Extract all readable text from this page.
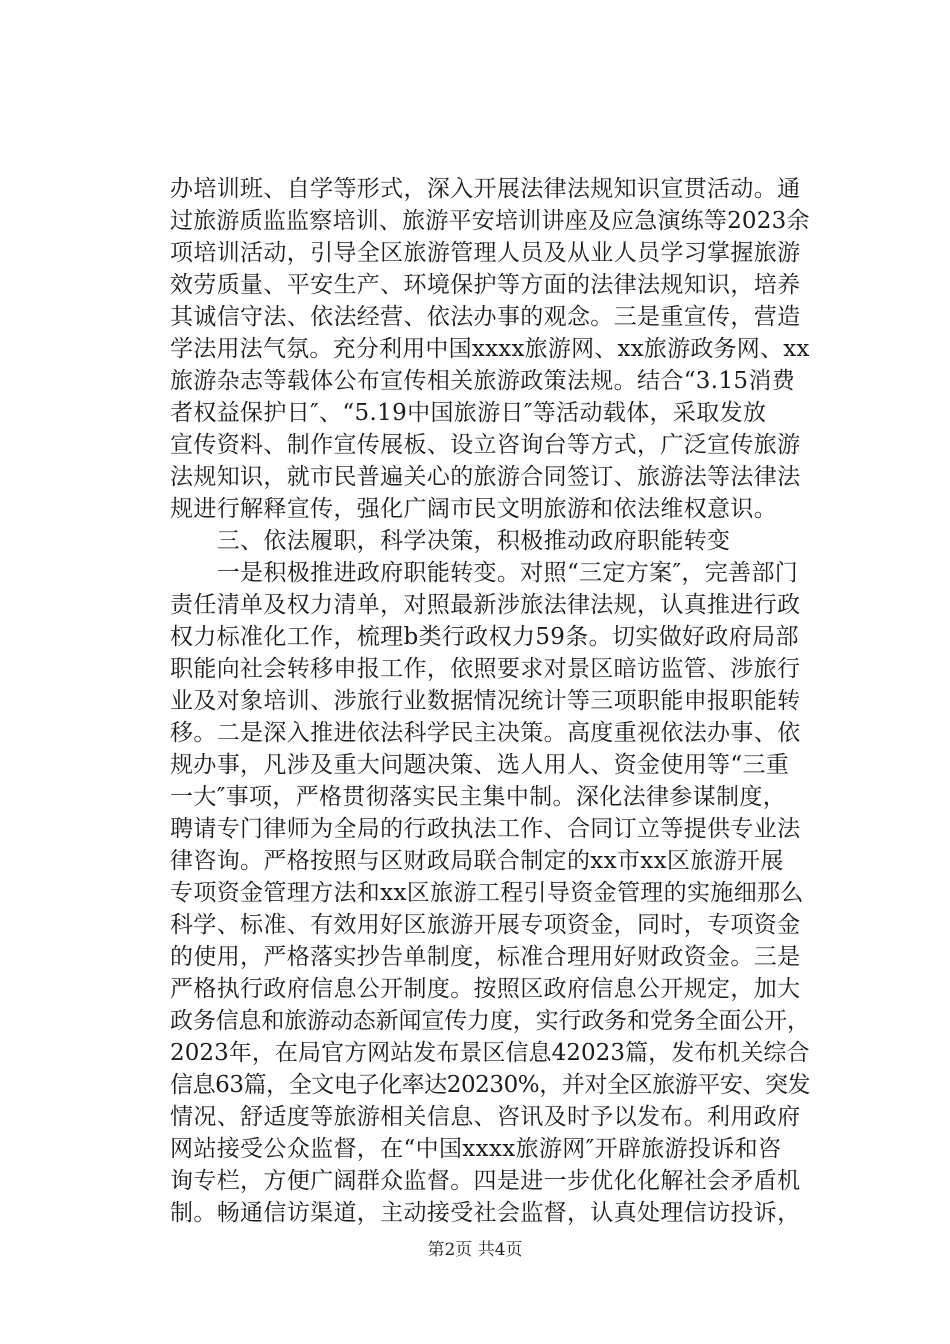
办培训班、自学等形式，深入开展法律法规知识宣贯活动。通
过旅游质监监察培训、旅游平安培训讲座及应急演练等2023余
项培训活动，引导全区旅游管理人员及从业人员学习掌握旅游
效劳质量、平安生产、环境保护等方面的法律法规知识，培养
其诚信守法、依法经营、依法办事的观念。三是重宣传，营造
学法用法气氛。充分利用中国xxxx旅游网、xx旅游政务网、xx
旅游杂志等载体公布宣传相关旅游政策法规。结合“3.15消费
者权益保护日″、“5.19中国旅游日″等活动载体，采取发放
宣传资料、制作宣传展板、设立咨询台等方式，广泛宣传旅游
法规知识，就市民普遍关心的旅游合同签订、旅游法等法律法
规进行解释宣传，强化广阔市民文明旅游和依法维权意识。
　　三、依法履职，科学决策，积极推动政府职能转变
　　一是积极推进政府职能转变。对照“三定方案″，完善部门
责任清单及权力清单，对照最新涉旅法律法规，认真推进行政
权力标准化工作，梳理b类行政权力59条。切实做好政府局部
职能向社会转移申报工作，依照要求对景区暗访监管、涉旅行
业及对象培训、涉旅行业数据情况统计等三项职能申报职能转
移。二是深入推进依法科学民主决策。高度重视依法办事、依
规办事，凡涉及重大问题决策、选人用人、资金使用等“三重
一大″事项，严格贯彻落实民主集中制。深化法律参谋制度，
聘请专门律师为全局的行政执法工作、合同订立等提供专业法
律咨询。严格按照与区财政局联合制定的xx市xx区旅游开展
专项资金管理方法和xx区旅游工程引导资金管理的实施细那么
科学、标准、有效用好区旅游开展专项资金，同时，专项资金
的使用，严格落实抄告单制度，标准合理用好财政资金。三是
严格执行政府信息公开制度。按照区政府信息公开规定，加大
政务信息和旅游动态新闻宣传力度，实行政务和党务全面公开，
2023年，在局官方网站发布景区信息42023篇，发布机关综合
信息63篇，全文电子化率达20230%，并对全区旅游平安、突发
情况、舒适度等旅游相关信息、咨讯及时予以发布。利用政府
网站接受公众监督，在“中国xxxx旅游网″开辟旅游投诉和咨
询专栏，方便广阔群众监督。四是进一步优化化解社会矛盾机
制。畅通信访渠道，主动接受社会监督，认真处理信访投诉，
第2页 共4页
